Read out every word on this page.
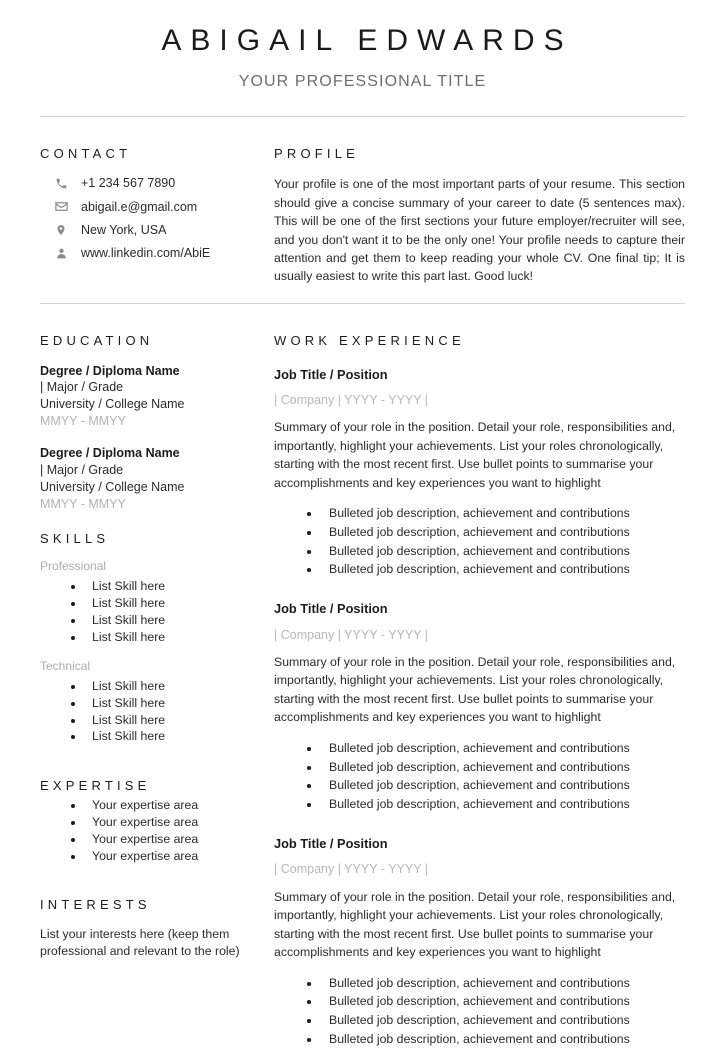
ABIGAIL EDWARDS

YOUR PROFESSIONAL TITLE

CONTACT
+1 234 567 7890
abigail.e@gmail.com
New York, USA
www.linkedin.com/AbiE
PROFILE

Your profile is one of the most important parts of your resume. This section should give a concise summary of your career to date (5 sentences max). This will be one of the first sections your future employer/recruiter will see, and you don't want it to be the only one! Your profile needs to capture their attention and get them to keep reading your whole CV. One final tip; It is usually easiest to write this part last. Good luck!

EDUCATION
Degree / Diploma Name
| Major / Grade
University / College Name
MMYY - MMYY
Degree / Diploma Name
| Major / Grade
University / College Name
MMYY - MMYY
SKILLS
Professional
List Skill here
List Skill here
List Skill here
List Skill here
Technical
List Skill here
List Skill here
List Skill here
List Skill here
EXPERTISE
Your expertise area
Your expertise area
Your expertise area
Your expertise area
INTERESTS

List your interests here (keep them professional and relevant to the role)

WORK EXPERIENCE
Job Title / Position
| Company | YYYY - YYYY |

Summary of your role in the position. Detail your role, responsibilities and, importantly, highlight your achievements. List your roles chronologically, starting with the most recent first. Use bullet points to summarise your accomplishments and key experiences you want to highlight

Bulleted job description, achievement and contributions
Bulleted job description, achievement and contributions
Bulleted job description, achievement and contributions
Bulleted job description, achievement and contributions
Job Title / Position
| Company | YYYY - YYYY |

Summary of your role in the position. Detail your role, responsibilities and, importantly, highlight your achievements. List your roles chronologically, starting with the most recent first. Use bullet points to summarise your accomplishments and key experiences you want to highlight

Bulleted job description, achievement and contributions
Bulleted job description, achievement and contributions
Bulleted job description, achievement and contributions
Bulleted job description, achievement and contributions
Job Title / Position
| Company | YYYY - YYYY |

Summary of your role in the position. Detail your role, responsibilities and, importantly, highlight your achievements. List your roles chronologically, starting with the most recent first. Use bullet points to summarise your accomplishments and key experiences you want to highlight

Bulleted job description, achievement and contributions
Bulleted job description, achievement and contributions
Bulleted job description, achievement and contributions
Bulleted job description, achievement and contributions
